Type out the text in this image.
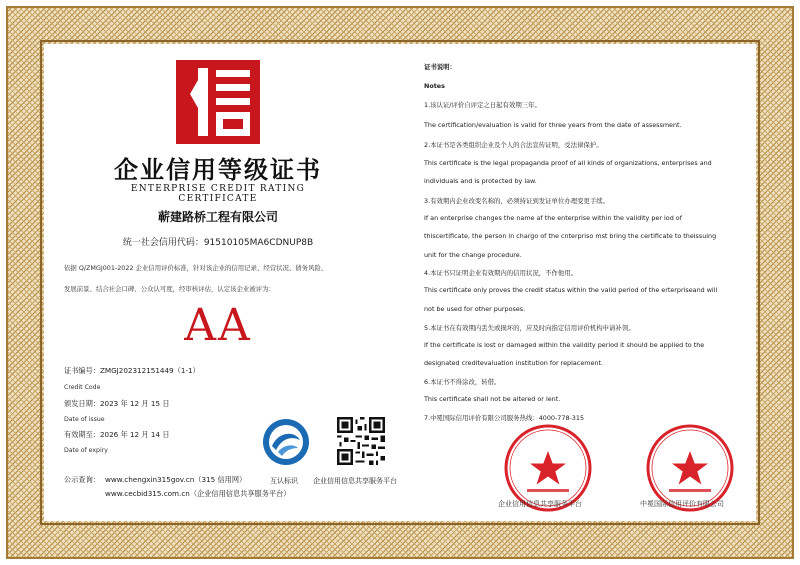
企业信用等级证书
ENTERPRISE CREDIT RATING CERTIFICATE
蕲建路桥工程有限公司
统一社会信用代码：91510105MA6CDNUP8B
依据 Q/ZMGJ001-2022 企业信用评价标准，针对该企业的信用记录、经营状况、债务风险、
发展前景、结合社会口碑、公众认可度，经审核评估，认定该企业被评为：
AA
证书编号：ZMGJ202312151449（1-1）
Credit Code
颁发日期：2023 年 12 月 15 日
Date of issue
有效期至：2026 年 12 月 14 日
Date of expiry
公示查询： www.chengxin315gov.cn（315 信用网）
www.cecbid315.com.cn（企业信用信息共享服务平台）
互认标识 企业信用信息共享服务平台
证书说明：
Notes
1.该认证/评价自评定之日起有效期三年。
The certification/evaluation is valid for three years from the date of assessment.
2.本证书是各类组织企业及个人的合法宣传证明，受法律保护。
This certificate is the legal propaganda proof of all kinds of organizations, enterprises and
individuals and is protected by law.
3.有效期内企业改变名称的，必须持证到发证单位办理变更手续。
If an enterprise changes the name af the enterprise within the validity per iod of
thiscertificate, the person in chargo of the cnterpriso mst bring the certificate to theissuing
unit for the change procedure.
4.本证书只证明企业有效期内的信用状况，不作他用。
This certificate only proves the credit status within the valid period of the erterpriseand will
not be used for other purposes.
5.本证书在有效期内丢失或损坏的，应及时向指定信用评价机构申请补领。
If the certificate is lost or damaged within the validity period it should be applied to the
designated creditevaluation institution for replacement.
6.本证书不得涂改，转借。
This certificate shall not be altered or lent.
7.中冕国际信用评价有限公司服务热线：4000-778-315
企业信用信息共享服务平台	中冕国际信用评价有限公司
